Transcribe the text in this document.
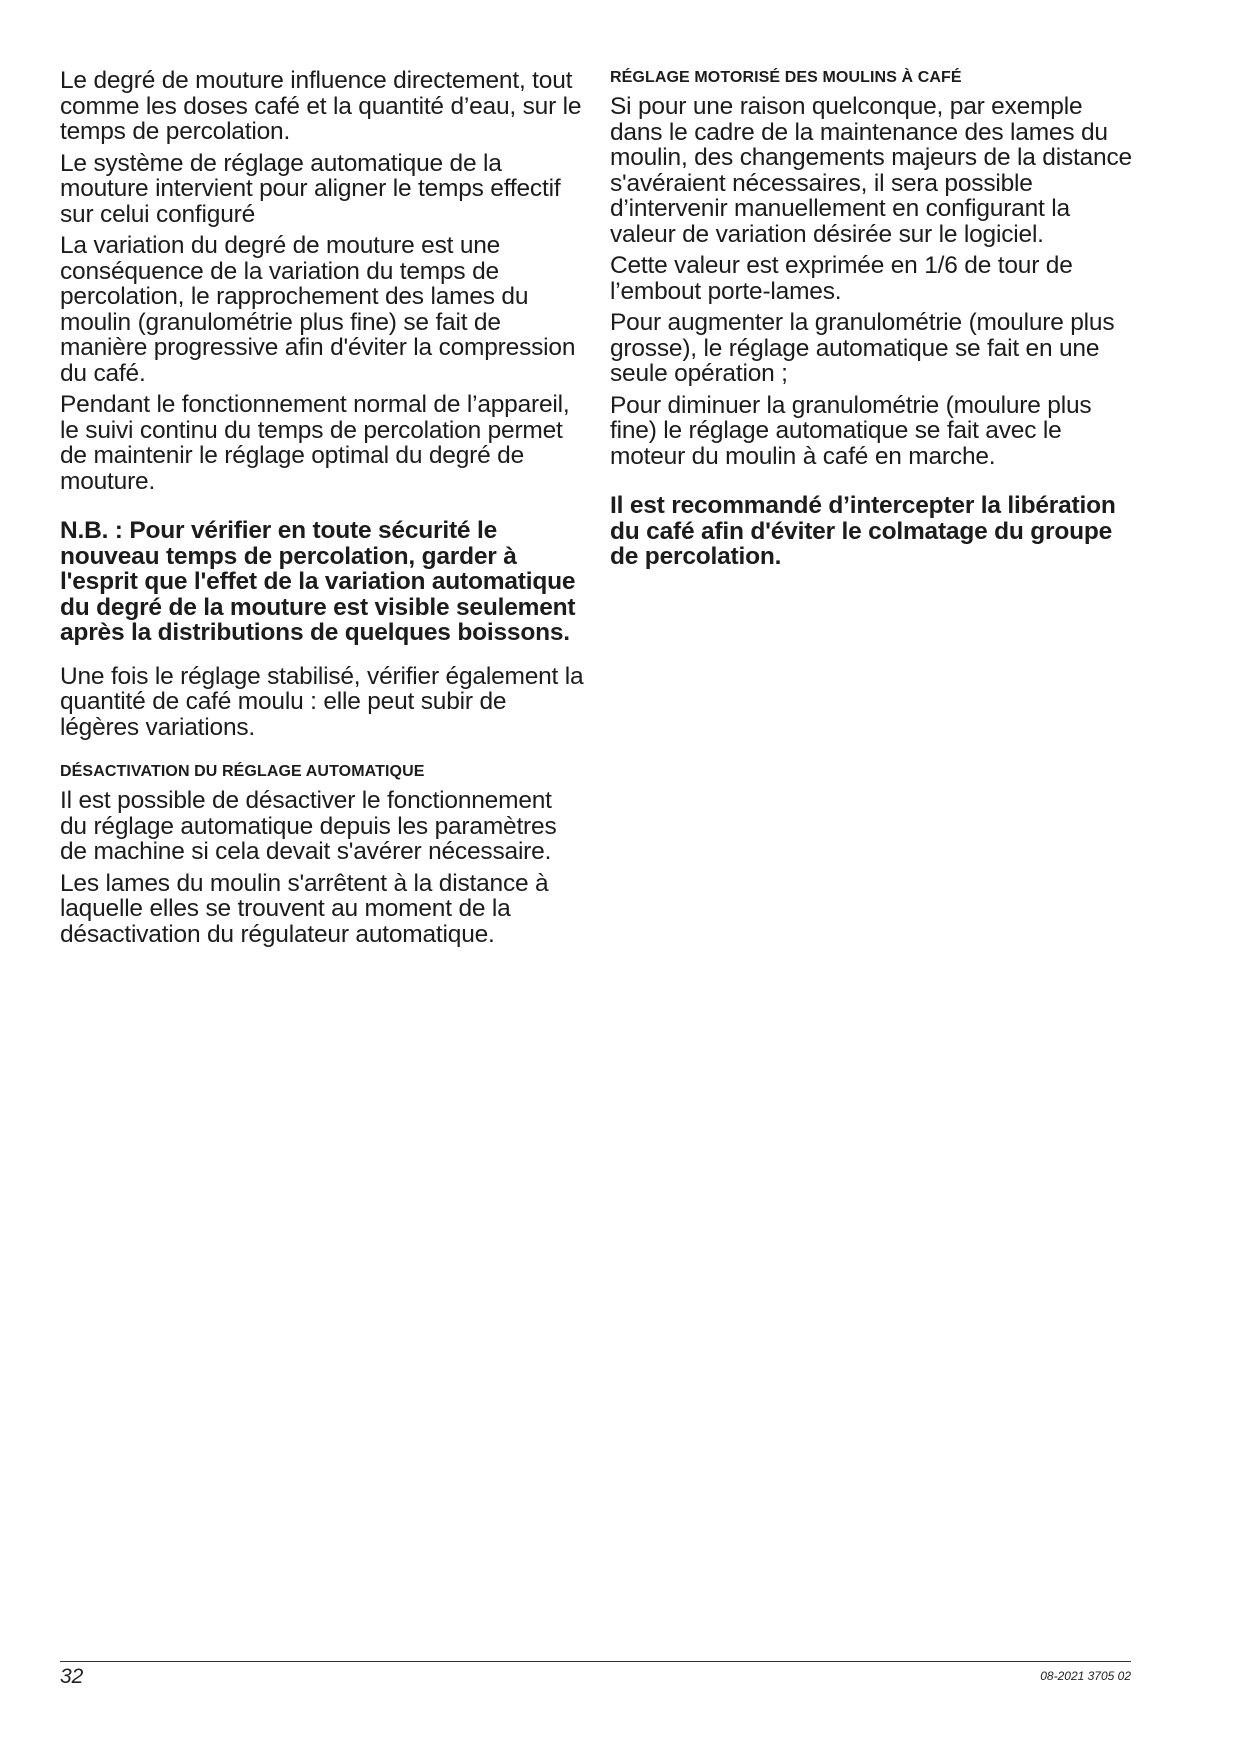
Le degré de mouture influence directement, tout comme les doses café et la quantité d’eau, sur le temps de percolation.

Le système de réglage automatique de la mouture intervient pour aligner le temps effectif sur celui configuré

La variation du degré de mouture est une conséquence de la variation du temps de percolation, le rapprochement des lames du moulin (granulométrie plus fine) se fait de manière progressive afin d'éviter la compression du café.

Pendant le fonctionnement normal de l’appareil, le suivi continu du temps de percolation permet de maintenir le réglage optimal du degré de mouture.

N.B. : Pour vérifier en toute sécurité le nouveau temps de percolation, garder à l'esprit que l'effet de la variation automatique du degré de la mouture est visible seulement après la distributions de quelques boissons.

Une fois le réglage stabilisé, vérifier également la quantité de café moulu : elle peut subir de légères variations.

DÉSACTIVATION DU RÉGLAGE AUTOMATIQUE

Il est possible de désactiver le fonctionnement du réglage automatique depuis les paramètres de machine si cela devait s'avérer nécessaire.

Les lames du moulin s'arrêtent à la distance à laquelle elles se trouvent au moment de la désactivation du régulateur automatique.

RÉGLAGE MOTORISÉ DES MOULINS À CAFÉ

Si pour une raison quelconque, par exemple dans le cadre de la maintenance des lames du moulin, des changements majeurs de la distance s'avéraient nécessaires, il sera possible d’intervenir manuellement en configurant la valeur de variation désirée sur le logiciel.

Cette valeur est exprimée en 1/6 de tour de l’embout porte-lames.

Pour augmenter la granulométrie (moulure plus grosse), le réglage automatique se fait en une seule opération ;

Pour diminuer la granulométrie (moulure plus fine) le réglage automatique se fait avec le moteur du moulin à café en marche.

Il est recommandé d’intercepter la libération du café afin d'éviter le colmatage du groupe de percolation.

32	08-2021 3705 02
